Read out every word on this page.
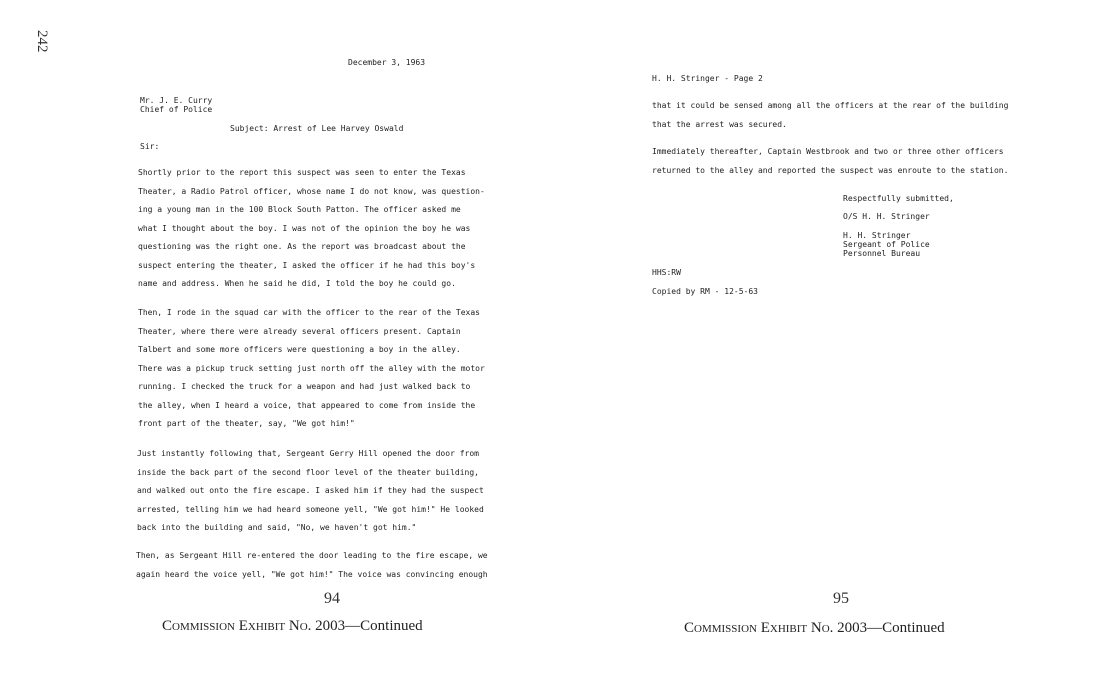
242
December 3, 1963
Mr. J. E. Curry
Chief of Police
Subject: Arrest of Lee Harvey Oswald
Sir:
Shortly prior to the report this suspect was seen to enter the Texas
Theater, a Radio Patrol officer, whose name I do not know, was question-
ing a young man in the 100 Block South Patton. The officer asked me
what I thought about the boy. I was not of the opinion the boy he was
questioning was the right one. As the report was broadcast about the
suspect entering the theater, I asked the officer if he had this boy's
name and address. When he said he did, I told the boy he could go.
Then, I rode in the squad car with the officer to the rear of the Texas
Theater, where there were already several officers present. Captain
Talbert and some more officers were questioning a boy in the alley.
There was a pickup truck setting just north off the alley with the motor
running. I checked the truck for a weapon and had just walked back to
the alley, when I heard a voice, that appeared to come from inside the
front part of the theater, say, "We got him!"
Just instantly following that, Sergeant Gerry Hill opened the door from
inside the back part of the second floor level of the theater building,
and walked out onto the fire escape. I asked him if they had the suspect
arrested, telling him we had heard someone yell, "We got him!" He looked
back into the building and said, "No, we haven't got him."
Then, as Sergeant Hill re-entered the door leading to the fire escape, we
again heard the voice yell, "We got him!" The voice was convincing enough
94
Commission Exhibit No. 2003—Continued
H. H. Stringer - Page 2
that it could be sensed among all the officers at the rear of the building
that the arrest was secured.
Immediately thereafter, Captain Westbrook and two or three other officers
returned to the alley and reported the suspect was enroute to the station.
Respectfully submitted,
O/S H. H. Stringer
H. H. Stringer
Sergeant of Police
Personnel Bureau
HHS:RW
Copied by RM - 12-5-63
95
Commission Exhibit No. 2003—Continued
